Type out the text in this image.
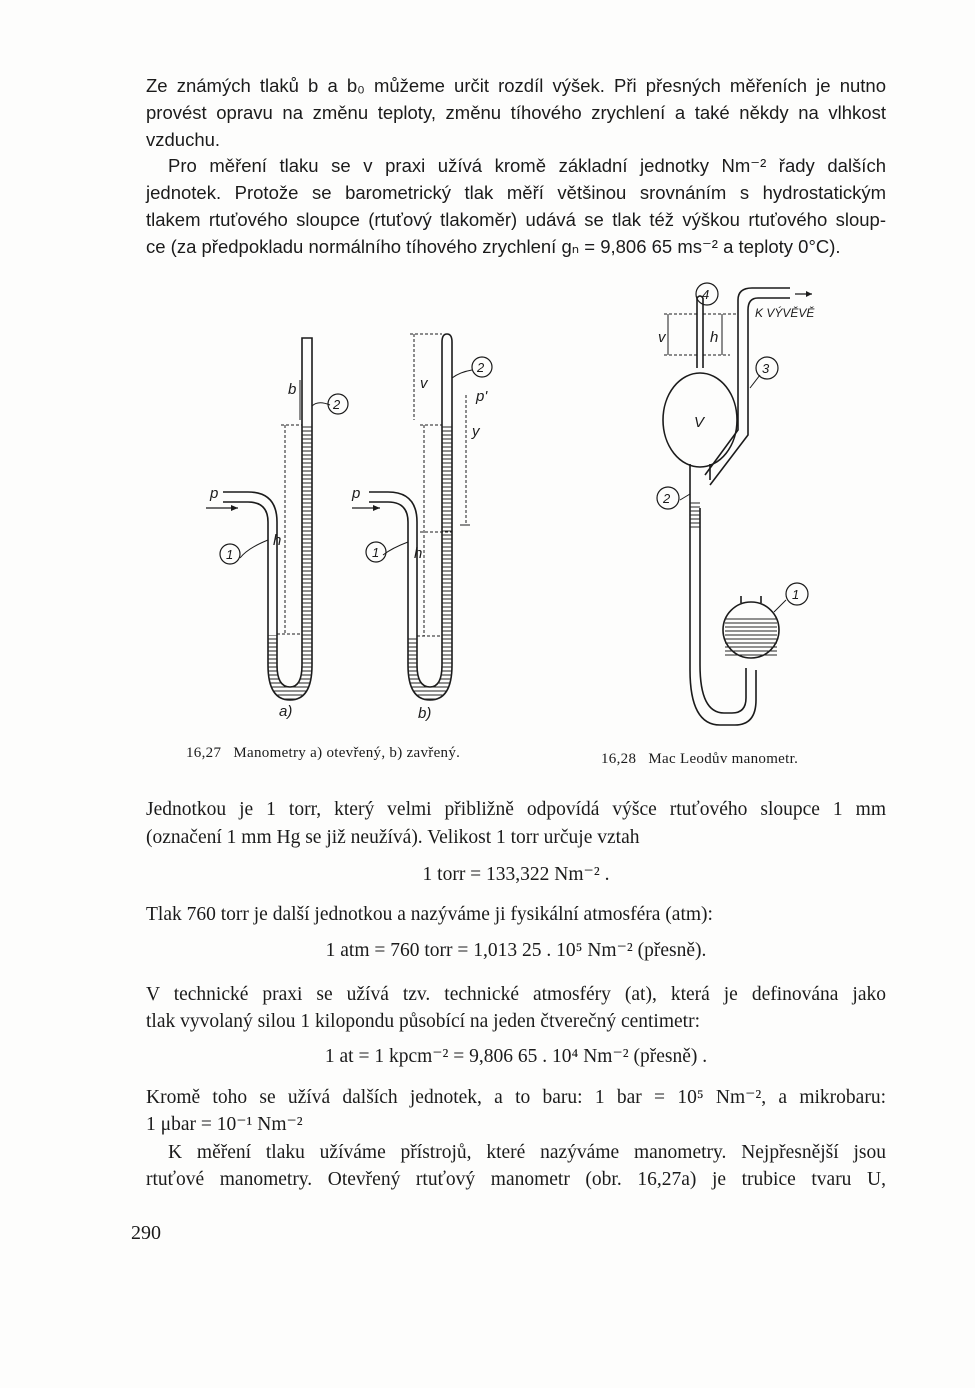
Ze známých tlaků b a b₀ můžeme určit rozdíl výšek. Při přesných měřeních je nutno
provést opravu na změnu teploty, změnu tíhového zrychlení a také někdy na vlhkost
vzduchu.

Pro měření tlaku se v praxi užívá kromě základní jednotky Nm⁻² řady dalších
jednotek. Protože se barometrický tlak měří většinou srovnáním s hydrostatickým
tlakem rtuťového sloupce (rtuťový tlakoměr) udává se tlak též výškou rtuťového sloup-
ce (za předpokladu normálního tíhového zrychlení gₙ = 9,806 65 ms⁻² a teploty 0°C).

p
1
h
b
2
a)
p
1 h
v
2
p'
y
b)
4
K VÝVĚVĚ
v	h
3
V
2
1
16,27 Manometry a) otevřený, b) zavřený.	16,28 Mac Leodův manometr.

Jednotkou je 1 torr, který velmi přibližně odpovídá výšce rtuťového sloupce 1 mm
(označení 1 mm Hg se již neužívá). Velikost 1 torr určuje vztah

1 torr = 133,322 Nm⁻² .

Tlak 760 torr je další jednotkou a nazýváme ji fysikální atmosféra (atm):

1 atm = 760 torr = 1,013 25 . 10⁵ Nm⁻² (přesně).

V technické praxi se užívá tzv. technické atmosféry (at), která je definována jako
tlak vyvolaný silou 1 kilopondu působící na jeden čtverečný centimetr:

1 at = 1 kpcm⁻² = 9,806 65 . 10⁴ Nm⁻² (přesně) .

Kromě toho se užívá dalších jednotek, a to baru: 1 bar = 10⁵ Nm⁻², a mikrobaru:
1 μbar = 10⁻¹ Nm⁻²

K měření tlaku užíváme přístrojů, které nazýváme manometry. Nejpřesnější jsou
rtuťové manometry. Otevřený rtuťový manometr (obr. 16,27a) je trubice tvaru U,

290
